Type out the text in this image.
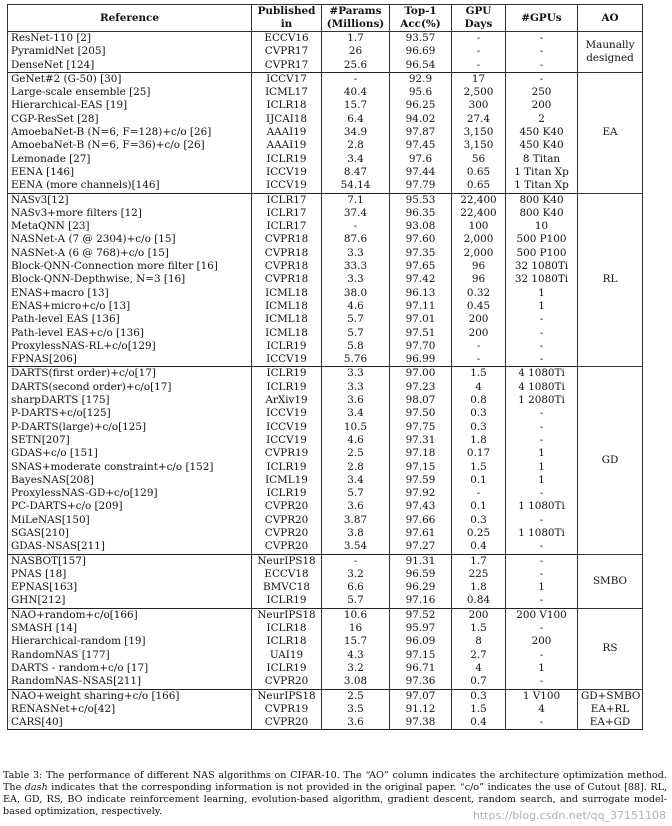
Reference	Published in	#Params (Millions)	Top-1 Acc(%)	GPU Days	#GPUs	AO
ResNet-110 [2]	ECCV16	1.7	93.57	-	-	Maunally designed
PyramidNet [205]	CVPR17	26	96.69	-	-	
DenseNet [124]	CVPR17	25.6	96.54	-	-	
GeNet#2 (G-50) [30]	ICCV17	-	92.9	17	-	EA
Large-scale ensemble [25]	ICML17	40.4	95.6	2,500	250	
Hierarchical-EAS [19]	ICLR18	15.7	96.25	300	200	
CGP-ResSet [28]	IJCAI18	6.4	94.02	27.4	2	
AmoebaNet-B (N=6, F=128)+c/o [26]	AAAI19	34.9	97.87	3,150	450 K40	
AmoebaNet-B (N=6, F=36)+c/o [26]	AAAI19	2.8	97.45	3,150	450 K40	
Lemonade [27]	ICLR19	3.4	97.6	56	8 Titan	
EENA [146]	ICCV19	8.47	97.44	0.65	1 Titan Xp	
EENA (more channels)[146]	ICCV19	54.14	97.79	0.65	1 Titan Xp	
NASv3[12]	ICLR17	7.1	95.53	22,400	800 K40	RL
NASv3+more filters [12]	ICLR17	37.4	96.35	22,400	800 K40	
MetaQNN [23]	ICLR17	-	93.08	100	10	
NASNet-A (7 @ 2304)+c/o [15]	CVPR18	87.6	97.60	2,000	500 P100	
NASNet-A (6 @ 768)+c/o [15]	CVPR18	3.3	97.35	2,000	500 P100	
Block-QNN-Connection more filter [16]	CVPR18	33.3	97.65	96	32 1080Ti	
Block-QNN-Depthwise, N=3 [16]	CVPR18	3.3	97.42	96	32 1080Ti	
ENAS+macro [13]	ICML18	38.0	96.13	0.32	1	
ENAS+micro+c/o [13]	ICML18	4.6	97.11	0.45	1	
Path-level EAS [136]	ICML18	5.7	97.01	200	-	
Path-level EAS+c/o [136]	ICML18	5.7	97.51	200	-	
ProxylessNAS-RL+c/o[129]	ICLR19	5.8	97.70	-	-	
FPNAS[206]	ICCV19	5.76	96.99	-	-	
DARTS(first order)+c/o[17]	ICLR19	3.3	97.00	1.5	4 1080Ti	GD
DARTS(second order)+c/o[17]	ICLR19	3.3	97.23	4	4 1080Ti	
sharpDARTS [175]	ArXiv19	3.6	98.07	0.8	1 2080Ti	
P-DARTS+c/o[125]	ICCV19	3.4	97.50	0.3	-	
P-DARTS(large)+c/o[125]	ICCV19	10.5	97.75	0.3	-	
SETN[207]	ICCV19	4.6	97.31	1.8	-	
GDAS+c/o [151]	CVPR19	2.5	97.18	0.17	1	
SNAS+moderate constraint+c/o [152]	ICLR19	2.8	97.15	1.5	1	
BayesNAS[208]	ICML19	3.4	97.59	0.1	1	
ProxylessNAS-GD+c/o[129]	ICLR19	5.7	97.92	-	-	
PC-DARTS+c/o [209]	CVPR20	3.6	97.43	0.1	1 1080Ti	
MiLeNAS[150]	CVPR20	3.87	97.66	0.3	-	
SGAS[210]	CVPR20	3.8	97.61	0.25	1 1080Ti	
GDAS-NSAS[211]	CVPR20	3.54	97.27	0.4	-	
NASBOT[157]	NeurIPS18	-	91.31	1.7	-	SMBO
PNAS [18]	ECCV18	3.2	96.59	225	-	
EPNAS[163]	BMVC18	6.6	96.29	1.8	1	
GHN[212]	ICLR19	5.7	97.16	0.84	-	
NAO+random+c/o[166]	NeurIPS18	10.6	97.52	200	200 V100	RS
SMASH [14]	ICLR18	16	95.97	1.5	-	
Hierarchical-random [19]	ICLR18	15.7	96.09	8	200	
RandomNAS [177]	UAI19	4.3	97.15	2.7	-	
DARTS - random+c/o [17]	ICLR19	3.2	96.71	4	1	
RandomNAS-NSAS[211]	CVPR20	3.08	97.36	0.7	-	
NAO+weight sharing+c/o [166]	NeurIPS18	2.5	97.07	0.3	1 V100	GD+SMBO
RENASNet+c/o[42]	CVPR19	3.5	91.12	1.5	4	EA+RL
CARS[40]	CVPR20	3.6	97.38	0.4	-	EA+GD
Table 3: The performance of different NAS algorithms on CIFAR-10. The “AO” column indicates the architecture optimization method. The dash indicates that the corresponding information is not provided in the original paper. “c/o” indicates the use of Cutout [88]. RL, EA, GD, RS, BO indicate reinforcement learning, evolution-based algorithm, gradient descent, random search, and surrogate model-based optimization, respectively.	https://blog.csdn.net/qq_37151108
